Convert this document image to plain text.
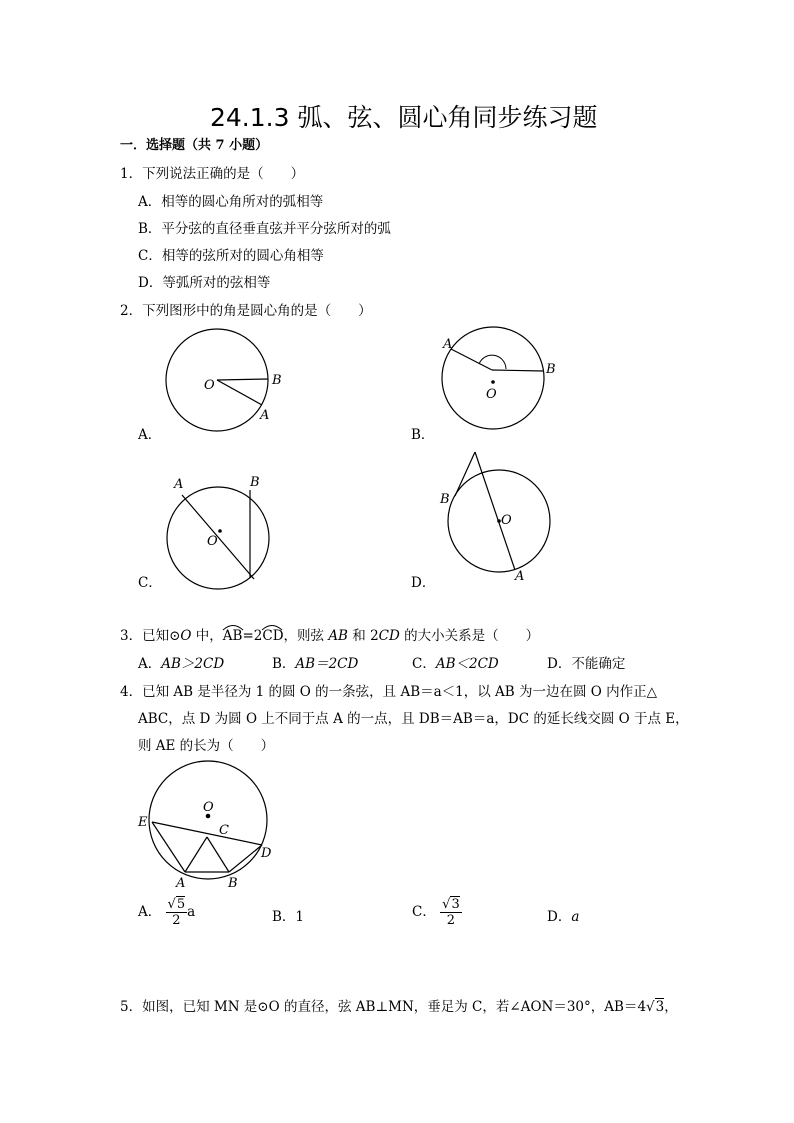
24.1.3 弧、弦、圆心角同步练习题
一．选择题（共 7 小题）
1．下列说法正确的是（　　）
A．相等的圆心角所对的弧相等
B．平分弦的直径垂直弦并平分弦所对的弧
C．相等的弦所对的圆心角相等
D．等弧所对的弦相等
2．下列图形中的角是圆心角的是（　　）
O	B
A
O
A
B
O
A	B
O
B
A
O
E
C
D
A	B
A．	B．
C．	D．
3．已知⊙O 中，
AB=2
CD，则弦 AB 和 2CD 的大小关系是（　　）
A．AB＞2CD	B．AB＝2CD	C．AB＜2CD	D．不能确定
4．已知 AB 是半径为 1 的圆 O 的一条弦，且 AB＝a＜1，以 AB 为一边在圆 O 内作正△
ABC，点 D 为圆 O 上不同于点 A 的一点，且 DB＝AB＝a，DC 的延长线交圆 O 于点 E，
则 AE 的长为（　　）
A． $\frac{√5}{2}$ a	B．1	C． $\frac{√3}{2}$	D．a
5．如图，已知 MN 是⊙O 的直径，弦 AB⊥MN，垂足为 C，若∠AON＝30°，AB＝4√3，
